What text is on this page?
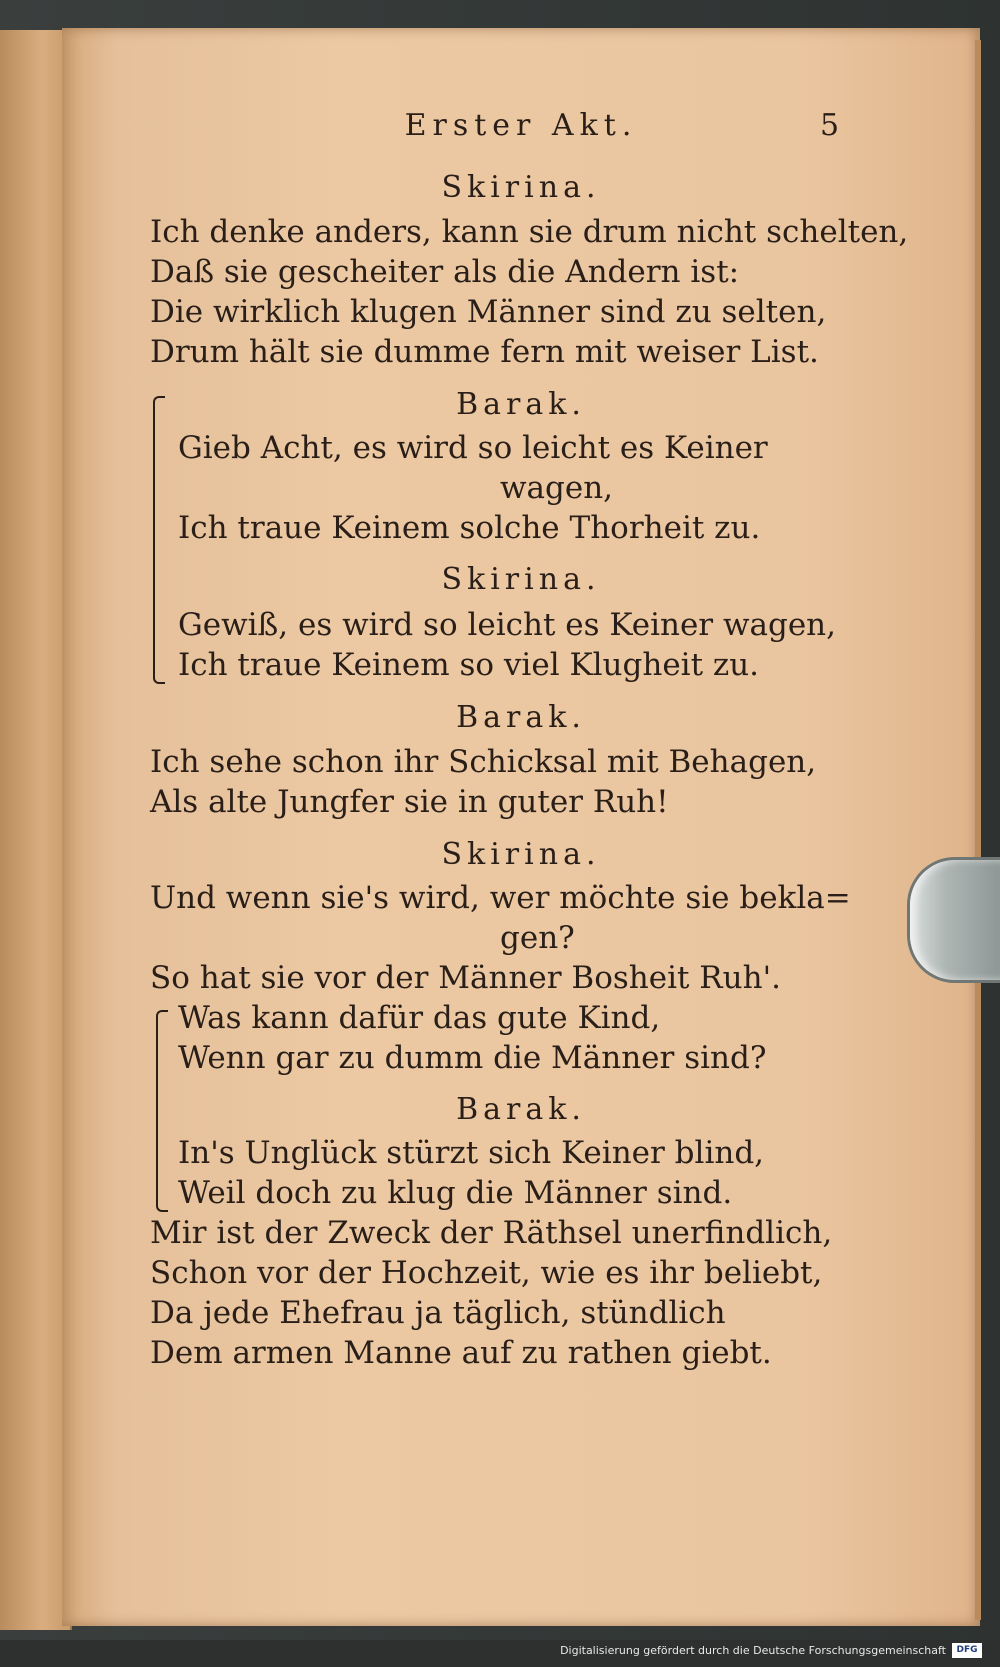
Erster Akt.	5
Skirina.
Ich denke anders, kann sie drum nicht schelten,
Daß sie gescheiter als die Andern ist:
Die wirklich klugen Männer sind zu selten,
Drum hält sie dumme fern mit weiser List.
Barak.
Gieb Acht, es wird so leicht es Keiner
wagen,
Ich traue Keinem solche Thorheit zu.
Skirina.
Gewiß, es wird so leicht es Keiner wagen,
Ich traue Keinem so viel Klugheit zu.
Barak.
Ich sehe schon ihr Schicksal mit Behagen,
Als alte Jungfer sie in guter Ruh!
Skirina.
Und wenn sie's wird, wer möchte sie bekla=
gen?
So hat sie vor der Männer Bosheit Ruh'.
Was kann dafür das gute Kind,
Wenn gar zu dumm die Männer sind?
Barak.
In's Unglück stürzt sich Keiner blind,
Weil doch zu klug die Männer sind.
Mir ist der Zweck der Räthsel unerfindlich,
Schon vor der Hochzeit, wie es ihr beliebt,
Da jede Ehefrau ja täglich, stündlich
Dem armen Manne auf zu rathen giebt.
Digitalisierung gefördert durch die Deutsche Forschungsgemeinschaft	DFG
